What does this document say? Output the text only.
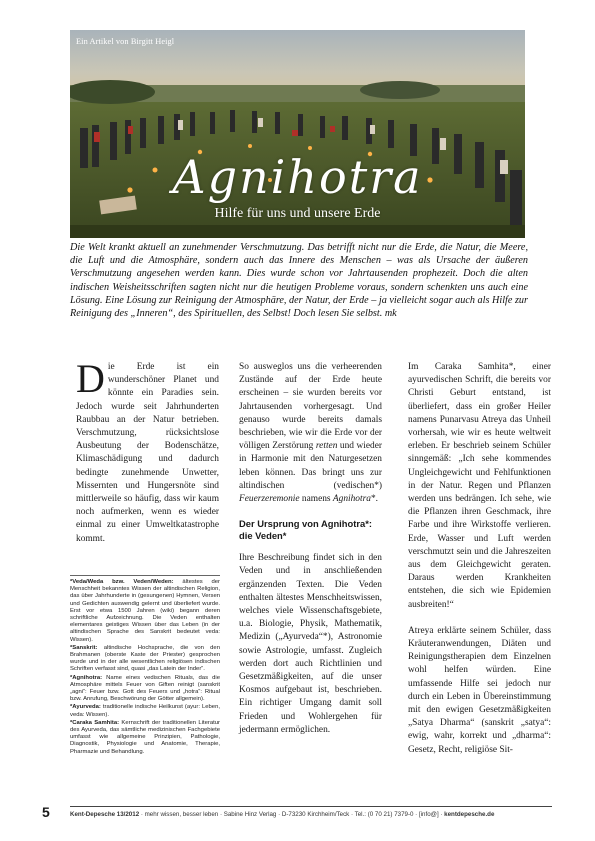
Agnihotra
Hilfe für uns und unsere Erde
Ein Artikel von Birgitt Heigl
Die Welt krankt aktuell an zunehmender Verschmutzung. Das betrifft nicht nur die Erde, die Natur, die Meere, die Luft und die Atmosphäre, sondern auch das Innere des Menschen – was als Ursache der äußeren Verschmutzung angesehen werden kann. Dies wurde schon vor Jahrtausenden prophezeit. Doch die alten indischen Weisheitsschriften sagten nicht nur die heutigen Probleme voraus, sondern schenkten uns auch eine Lösung. Eine Lösung zur Reinigung der Atmosphäre, der Natur, der Erde – ja vielleicht sogar auch als Hilfe zur Reinigung des „Inneren“, des Spirituellen, des Selbst! Doch lesen Sie selbst. mk

Die Erde ist ein wunderschöner Planet und könnte ein Paradies sein. Jedoch wurde seit Jahrhunderten Raubbau an der Natur betrieben. Verschmutzung, rücksichtslose Ausbeutung der Bodenschätze, Klimaschädigung und dadurch bedingte zunehmende Unwetter, Missernten und Hungersnöte sind mittlerweile so häufig, dass wir kaum noch aufmerken, wenn es wieder einmal zu einer Umweltkatastrophe kommt.

*Veda/Weda bzw. Veden/Weden: ältestes der Menschheit bekanntes Wissen der altindischen Religion, das über Jahrhunderte in (gesungenen) Hymnen, Versen und Gedichten auswendig gelernt und überliefert wurde. Erst vor etwa 1500 Jahren (wiki) begann deren schriftliche Aufzeichnung. Die Veden enthalten elementares geistiges Wissen über das Leben (in der altindischen Sprache des Sanskrit bedeutet veda: Wissen).

*Sanskrit: altindische Hochsprache, die von den Brahmanen (oberste Kaste der Priester) gesprochen wurde und in der alle wesentlichen religiösen indischen Schriften verfasst sind, quasi „das Latein der Inder“.

*Agnihotra: Name eines vedischen Rituals, das die Atmosphäre mittels Feuer von Giften reinigt (sanskrit „agni“: Feuer bzw. Gott des Feuers und „hotra“: Ritual bzw. Anrufung, Beschwörung der Götter allgemein).

*Ayurveda: traditionelle indische Heilkunst (ayur: Leben, veda: Wissen).

*Caraka Samhita: Kernschrift der traditionellen Literatur des Ayurveda, das sämtliche medizinischen Fachgebiete umfasst wie allgemeine Prinzipien, Pathologie, Diagnostik, Physiologie und Anatomie, Therapie, Pharmazie und Behandlung.

So ausweglos uns die verheerenden Zustände auf der Erde heute erscheinen – sie wurden bereits vor Jahrtausenden vorhergesagt. Und genauso wurde bereits damals beschrieben, wie wir die Erde vor der völligen Zerstörung retten und wieder in Harmonie mit den Naturgesetzen leben können. Das bringt uns zur altindischen (vedischen*) Feuerzeremonie namens Agnihotra*.

Der Ursprung von Agnihotra*: die Veden*

Ihre Beschreibung findet sich in den Veden und in anschließenden ergänzenden Texten. Die Veden enthalten ältestes Menschheitswissen, welches viele Wissenschaftsgebiete, u.a. Biologie, Physik, Mathematik, Medizin („Ayurveda“*), Astronomie sowie Astrologie, umfasst. Zugleich werden dort auch Richtlinien und Gesetzmäßigkeiten, auf die unser Kosmos aufgebaut ist, beschrieben. Ein richtiger Umgang damit soll Frieden und Wohlergehen für jedermann ermöglichen.

Im Caraka Samhita*, einer ayurvedischen Schrift, die bereits vor Christi Geburt entstand, ist überliefert, dass ein großer Heiler namens Punarvasu Atreya das Unheil vorhersah, wie wir es heute weltweit erleben. Er beschrieb seinem Schüler sinngemäß: „Ich sehe kommendes Ungleichgewicht und Fehlfunktionen in der Natur. Regen und Pflanzen werden uns bedrängen. Ich sehe, wie die Pflanzen ihren Geschmack, ihre Farbe und ihre Wirkstoffe verlieren. Erde, Wasser und Luft werden verschmutzt sein und die Jahreszeiten aus dem Gleichgewicht geraten. Daraus werden Krankheiten entstehen, die sich wie Epidemien ausbreiten!“

Atreya erklärte seinem Schüler, dass Kräuteranwendungen, Diäten und Reinigungstherapien dem Einzelnen wohl helfen würden. Eine umfassende Hilfe sei jedoch nur durch ein Leben in Übereinstimmung mit den ewigen Gesetzmäßigkeiten „Satya Dharma“ (sanskrit „satya“: ewig, wahr, korrekt und „dharma“: Gesetz, Recht, religiöse Sit-

5	Kent-Depesche 13/2012 · mehr wissen, besser leben · Sabine Hinz Verlag · D-73230 Kirchheim/Teck · Tel.: (0 70 21) 7379-0 · [info@] · kentdepesche.de
